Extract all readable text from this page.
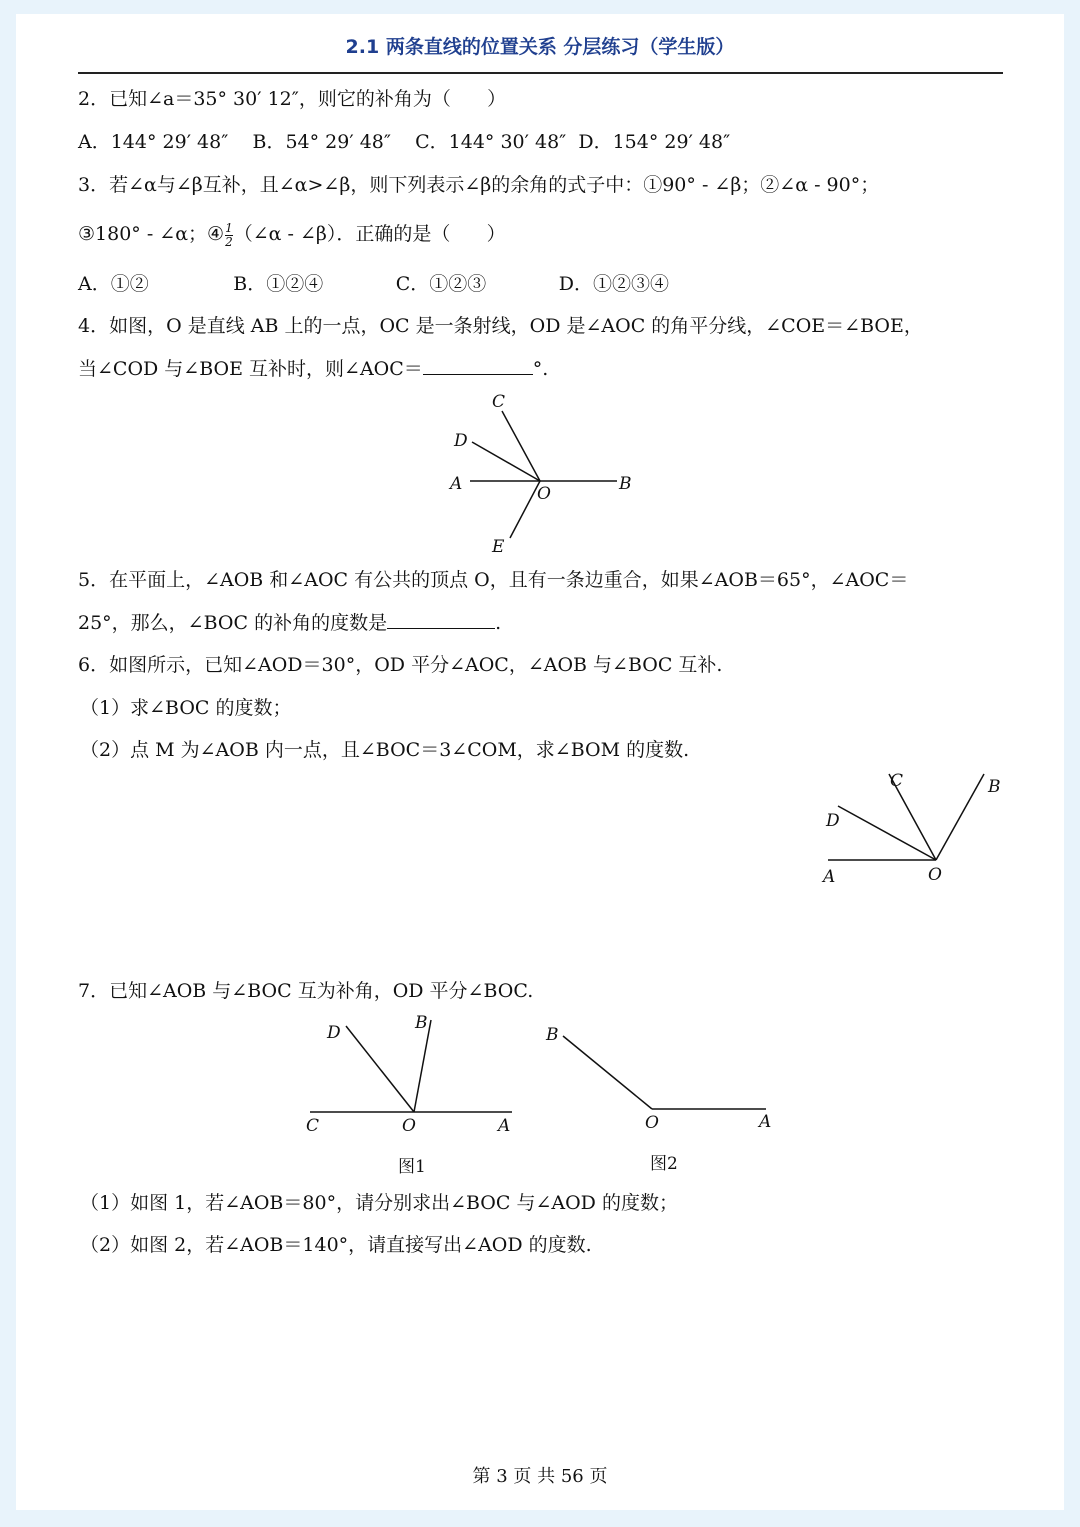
2.1 两条直线的位置关系 分层练习（学生版）
2．已知∠a＝35° 30′ 12″，则它的补角为（      ）
A．144° 29′ 48″    B．54° 29′ 48″    C．144° 30′ 48″  D．154° 29′ 48″
3．若∠α与∠β互补，且∠α>∠β，则下列表示∠β的余角的式子中：①90° - ∠β；②∠α - 90°；
③180° - ∠α；④ $\frac{1}{2}$ （∠α - ∠β）．正确的是（      ）
A．①②              B．①②④            C．①②③            D．①②③④
4．如图，O 是直线 AB 上的一点，OC 是一条射线，OD 是∠AOC 的角平分线，∠COE＝∠BOE，
当∠COD 与∠BOE 互补时，则∠AOC＝	°.
C
D
A	O	B
E
5．在平面上，∠AOB 和∠AOC 有公共的顶点 O，且有一条边重合，如果∠AOB＝65°，∠AOC＝
25°，那么，∠BOC 的补角的度数是	.
6．如图所示，已知∠AOD＝30°，OD 平分∠AOC，∠AOB 与∠BOC 互补.
（1）求∠BOC 的度数；
（2）点 M 为∠AOB 内一点，且∠BOC＝3∠COM，求∠BOM 的度数.
C	B
D
A	O
7．已知∠AOB 与∠BOC 互为补角，OD 平分∠BOC.
D	B
C	O	A
图1
B
O	A
图2
（1）如图 1，若∠AOB＝80°，请分别求出∠BOC 与∠AOD 的度数；
（2）如图 2，若∠AOB＝140°，请直接写出∠AOD 的度数.
第 3 页 共 56 页
